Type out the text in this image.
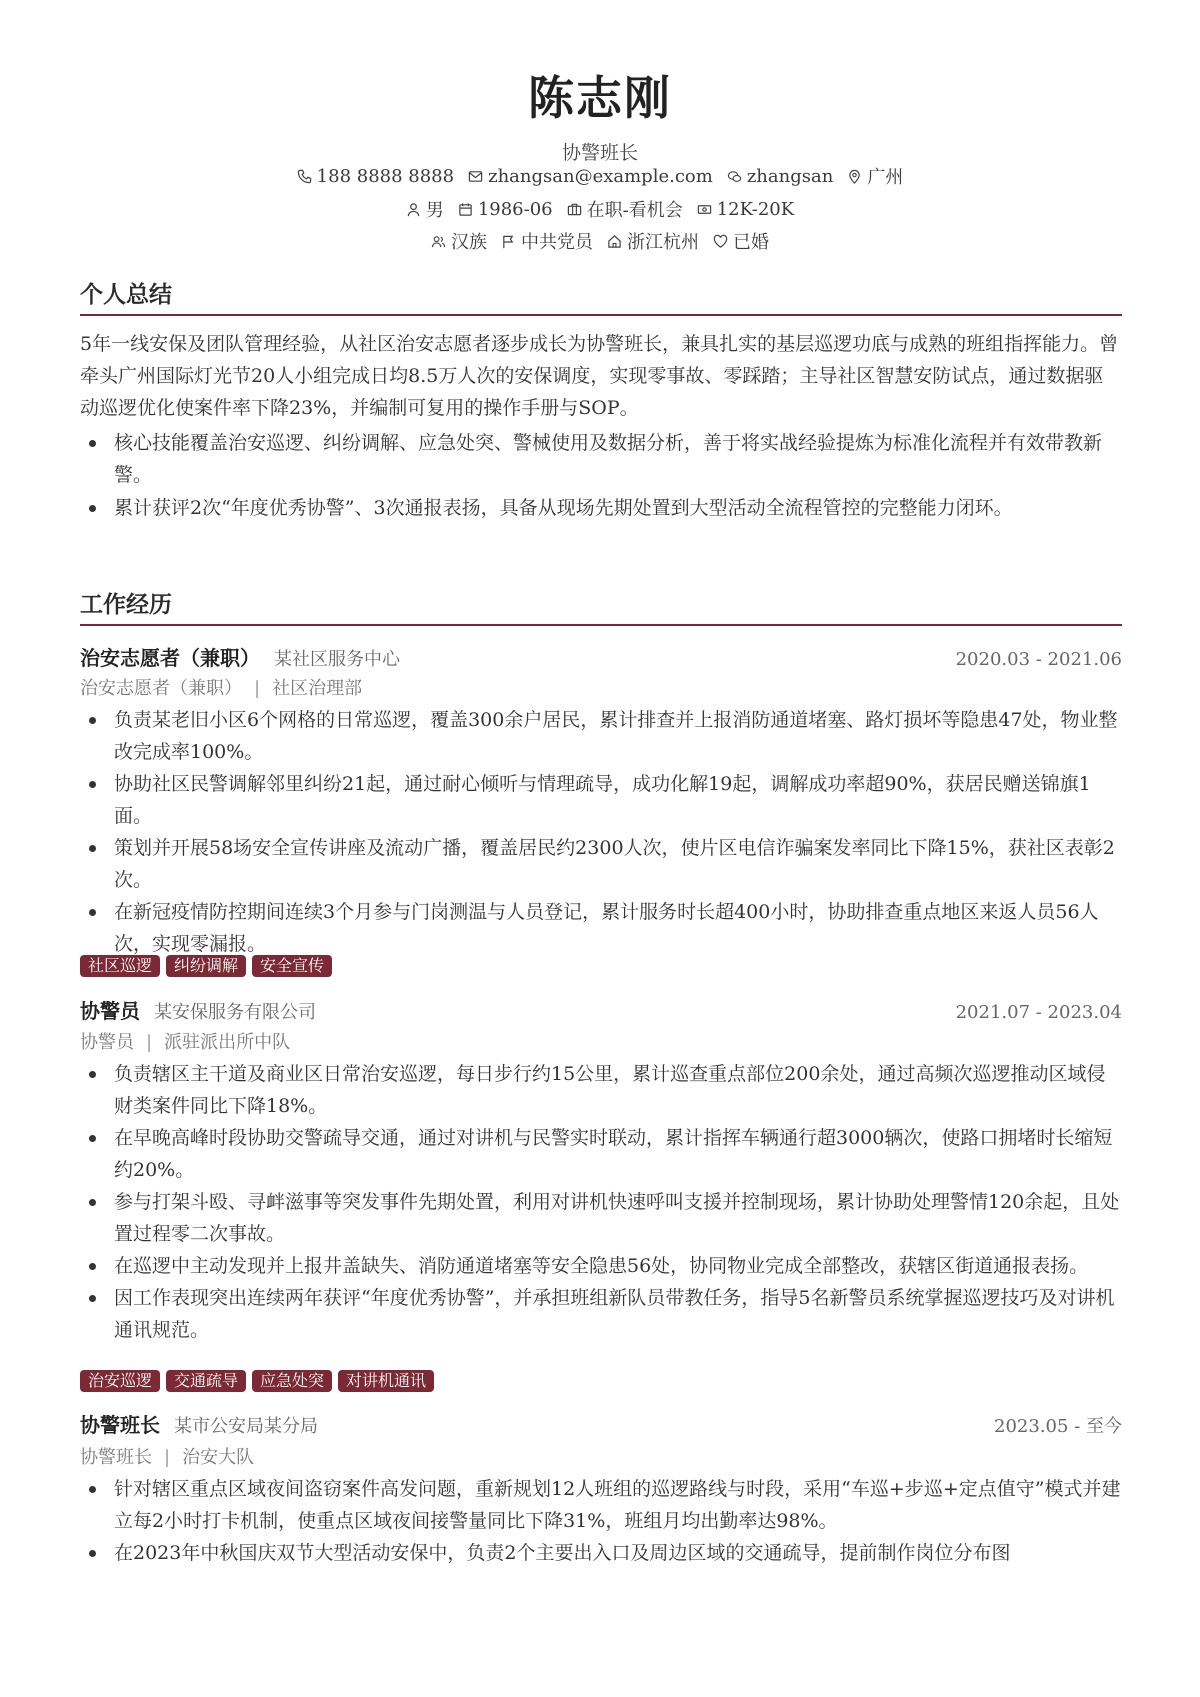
陈志刚
协警班长
188 8888 8888 zhangsan@example.com zhangsan 广州
男 1986-06 在职-看机会 12K-20K
汉族 中共党员 浙江杭州 已婚
个人总结
5年一线安保及团队管理经验，从社区治安志愿者逐步成长为协警班长，兼具扎实的基层巡逻功底与成熟的班组指挥能力。曾牵头广州国际灯光节20人小组完成日均8.5万人次的安保调度，实现零事故、零踩踏；主导社区智慧安防试点，通过数据驱动巡逻优化使案件率下降23%，并编制可复用的操作手册与SOP。
核心技能覆盖治安巡逻、纠纷调解、应急处突、警械使用及数据分析，善于将实战经验提炼为标准化流程并有效带教新警。
累计获评2次“年度优秀协警”、3次通报表扬，具备从现场先期处置到大型活动全流程管控的完整能力闭环。
工作经历
治安志愿者（兼职） 某社区服务中心	2020.03 - 2021.06
治安志愿者（兼职） | 社区治理部
负责某老旧小区6个网格的日常巡逻，覆盖300余户居民，累计排查并上报消防通道堵塞、路灯损坏等隐患47处，物业整改完成率100%。
协助社区民警调解邻里纠纷21起，通过耐心倾听与情理疏导，成功化解19起，调解成功率超90%，获居民赠送锦旗1面。
策划并开展58场安全宣传讲座及流动广播，覆盖居民约2300人次，使片区电信诈骗案发率同比下降15%，获社区表彰2次。
在新冠疫情防控期间连续3个月参与门岗测温与人员登记，累计服务时长超400小时，协助排查重点地区来返人员56人次，实现零漏报。
社区巡逻	纠纷调解	安全宣传
协警员 某安保服务有限公司	2021.07 - 2023.04
协警员 | 派驻派出所中队
负责辖区主干道及商业区日常治安巡逻，每日步行约15公里，累计巡查重点部位200余处，通过高频次巡逻推动区域侵财类案件同比下降18%。
在早晚高峰时段协助交警疏导交通，通过对讲机与民警实时联动，累计指挥车辆通行超3000辆次，使路口拥堵时长缩短约20%。
参与打架斗殴、寻衅滋事等突发事件先期处置，利用对讲机快速呼叫支援并控制现场，累计协助处理警情120余起，且处置过程零二次事故。
在巡逻中主动发现并上报井盖缺失、消防通道堵塞等安全隐患56处，协同物业完成全部整改，获辖区街道通报表扬。
因工作表现突出连续两年获评“年度优秀协警”，并承担班组新队员带教任务，指导5名新警员系统掌握巡逻技巧及对讲机通讯规范。
治安巡逻	交通疏导	应急处突	对讲机通讯
协警班长 某市公安局某分局	2023.05 - 至今
协警班长 | 治安大队
针对辖区重点区域夜间盗窃案件高发问题，重新规划12人班组的巡逻路线与时段，采用“车巡+步巡+定点值守”模式并建立每2小时打卡机制，使重点区域夜间接警量同比下降31%，班组月均出勤率达98%。
在2023年中秋国庆双节大型活动安保中，负责2个主要出入口及周边区域的交通疏导，提前制作岗位分布图
